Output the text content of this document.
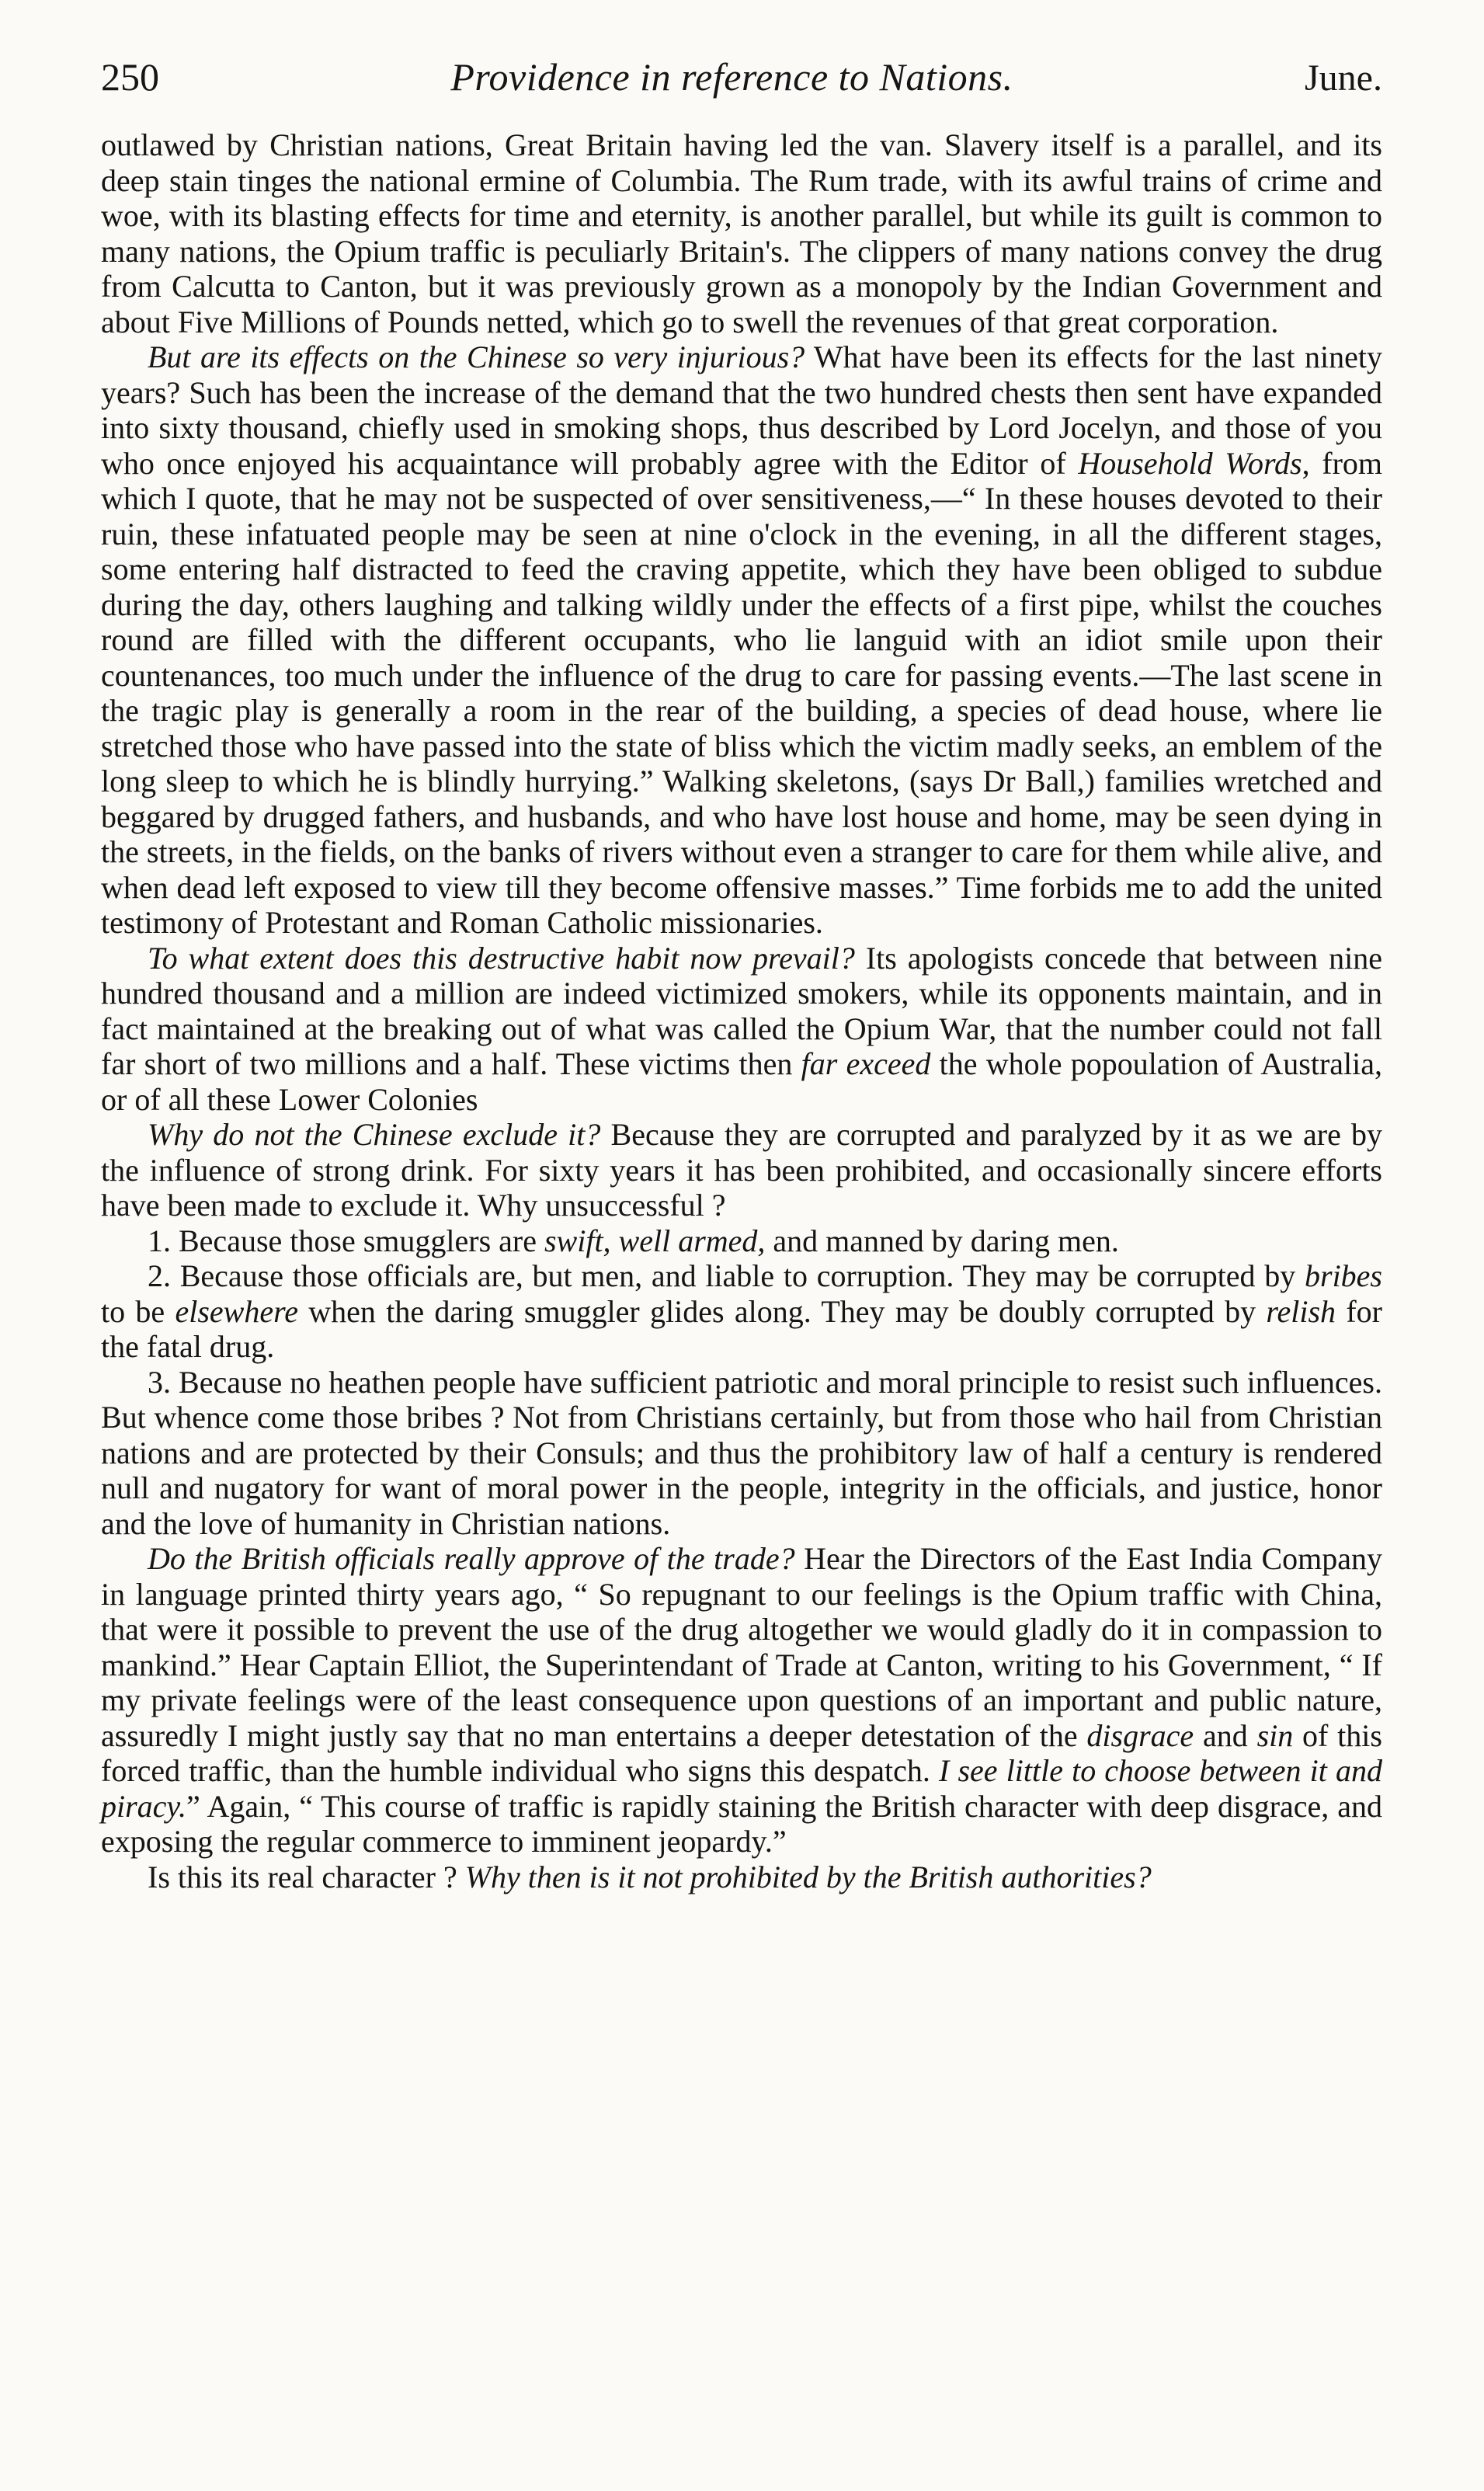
250	Providence in reference to Nations.	June.

outlawed by Christian nations, Great Britain having led the van. Slavery itself is a parallel, and its deep stain tinges the national ermine of Columbia. The Rum trade, with its awful trains of crime and woe, with its blasting effects for time and eternity, is another parallel, but while its guilt is common to many nations, the Opium traffic is peculiarly Britain's. The clippers of many nations convey the drug from Calcutta to Canton, but it was previously grown as a monopoly by the Indian Government and about Five Millions of Pounds netted, which go to swell the revenues of that great corporation.

But are its effects on the Chinese so very injurious? What have been its effects for the last ninety years? Such has been the increase of the demand that the two hundred chests then sent have expanded into sixty thousand, chiefly used in smoking shops, thus described by Lord Jocelyn, and those of you who once enjoyed his acquaintance will probably agree with the Editor of Household Words, from which I quote, that he may not be suspected of over sensitiveness,—“ In these houses devoted to their ruin, these infatuated people may be seen at nine o'clock in the evening, in all the different stages, some entering half distracted to feed the craving appetite, which they have been obliged to subdue during the day, others laughing and talking wildly under the effects of a first pipe, whilst the couches round are filled with the different occupants, who lie languid with an idiot smile upon their countenances, too much under the influence of the drug to care for passing events.—The last scene in the tragic play is generally a room in the rear of the building, a species of dead house, where lie stretched those who have passed into the state of bliss which the victim madly seeks, an emblem of the long sleep to which he is blindly hurrying.” Walking skeletons, (says Dr Ball,) families wretched and beggared by drugged fathers, and husbands, and who have lost house and home, may be seen dying in the streets, in the fields, on the banks of rivers without even a stranger to care for them while alive, and when dead left exposed to view till they become offensive masses.” Time forbids me to add the united testimony of Protestant and Roman Catholic missionaries.

To what extent does this destructive habit now prevail? Its apologists concede that between nine hundred thousand and a million are indeed victimized smokers, while its opponents maintain, and in fact maintained at the breaking out of what was called the Opium War, that the number could not fall far short of two millions and a half. These victims then far exceed the whole popoulation of Australia, or of all these Lower Colonies

Why do not the Chinese exclude it? Because they are corrupted and paralyzed by it as we are by the influence of strong drink. For sixty years it has been prohibited, and occasionally sincere efforts have been made to exclude it. Why unsuccessful ?

1. Because those smugglers are swift, well armed, and manned by daring men.

2. Because those officials are, but men, and liable to corruption. They may be corrupted by bribes to be elsewhere when the daring smuggler glides along. They may be doubly corrupted by relish for the fatal drug.

3. Because no heathen people have sufficient patriotic and moral principle to resist such influences. But whence come those bribes ? Not from Christians certainly, but from those who hail from Christian nations and are protected by their Consuls; and thus the prohibitory law of half a century is rendered null and nugatory for want of moral power in the people, integrity in the officials, and justice, honor and the love of humanity in Christian nations.

Do the British officials really approve of the trade? Hear the Directors of the East India Company in language printed thirty years ago, “ So repugnant to our feelings is the Opium traffic with China, that were it possible to prevent the use of the drug altogether we would gladly do it in compassion to mankind.” Hear Captain Elliot, the Superintendant of Trade at Canton, writing to his Government, “ If my private feelings were of the least consequence upon questions of an important and public nature, assuredly I might justly say that no man entertains a deeper detestation of the disgrace and sin of this forced traffic, than the humble individual who signs this despatch. I see little to choose between it and piracy.” Again, “ This course of traffic is rapidly staining the British character with deep disgrace, and exposing the regular commerce to imminent jeopardy.”

Is this its real character ? Why then is it not prohibited by the British authorities?
